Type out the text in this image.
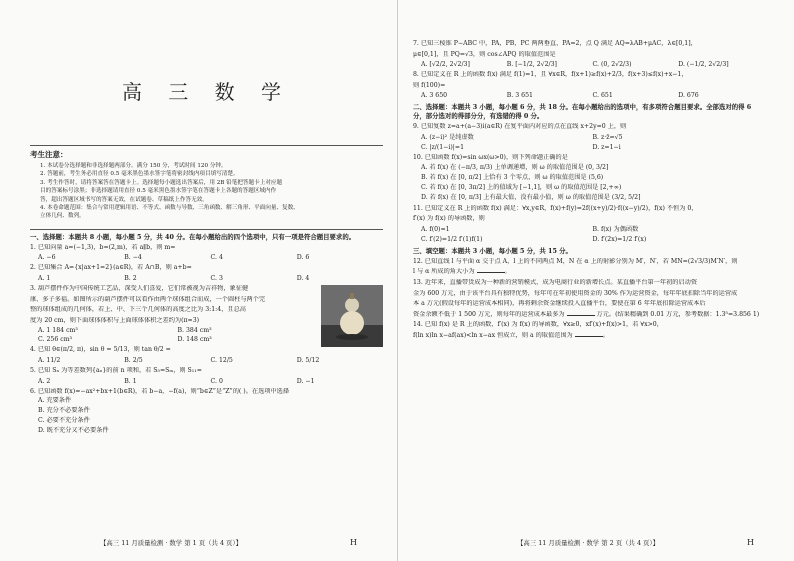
高 三 数 学
考生注意：
1. 本试卷分选择题和非选择题两部分。满分 150 分，考试时间 120 分钟。
2. 答题前，考生务必用直径 0.5 毫米黑色墨水签字笔将密封线内项目填写清楚。
3. 考生作答时，请将答案答在答题卡上。选择题每小题选出答案后，用 2B 铅笔把答题卡上对应题
目的答案标号涂黑；非选择题请用直径 0.5 毫米黑色墨水签字笔在答题卡上各题的答题区域内作
答，超出答题区域书写的答案无效，在试题卷、草稿纸上作答无效。
4. 本卷命题范围：集合与常用逻辑用语、不等式、函数与导数、三角函数、解三角形、平面向量、复数、
立体几何、数列。
一、选择题：本题共 8 小题，每小题 5 分，共 40 分。在每小题给出的四个选项中，只有一项是符合题目要求的。
1. 已知向量 a=(−1,3)，b=(2,m)，若 a∥b，则 m=
A. −6	B. −4	C. 4	D. 6
2. 已知集合 A={x|ax+1=2}(a∈R)，若 A∩B，则 a+b=
A. 1	B. 2	C. 3	D. 4
3. 葫芦摆件作为中国传统工艺品，深受人们喜爱，它们常被视为吉祥物，象征健
康、多子多福。如图所示的葫芦摆件可以看作由两个球体组合而成，一个圆柱与两个完
整的球体组成的几何体，若上、中、下三个几何体的高度之比为 3:1:4，且总高
度为 20 cm，则下面球体体积与上面球体体积之差约为(π≈3)
A. 1 184 cm³	B. 384 cm³
C. 256 cm³	D. 148 cm³
4. 已知 θ∈(π/2, π)，sin θ = 5/13，则 tan θ/2 =
A. 11/2	B. 2/5	C. 12/5	D. 5/12
5. 已知 Sₙ 为等差数列{aₙ}的前 n 项和，若 S₅=Sₘ，则 S₁₁=
A. 2	B. 1	C. 0	D. −1
6. 已知函数 f(x)=−ax²+bx+1(b∈R)，若 b−a，−f(a)，则“b∈Z”是“Z”的( )。在选项中选择
A. 充要条件
B. 充分不必要条件
C. 必要不充分条件
D. 既不充分又不必要条件
【高三 11 月质量检测 · 数学 第 1 页（共 4 页）】	H
7. 已知三棱锥 P−ABC 中，PA，PB，PC 两两垂直，PA=2，点 Q 满足 AQ=λAB+μAC，λ∈[0,1]，
μ∈[0,1]，且 PQ=√3，则 cos∠APQ 的取值范围是
A. [√2/2, 2√2/3]	B. [−1/2, 2√2/3]	C. (0, 2√2/3)	D. (−1/2, 2√2/3]
8. 已知定义在 R 上的函数 f(x) 满足 f(1)=1，且 ∀x∈R，f(x+1)≥f(x)+2/3，f(x+3)≤f(x)+x−1，
则 f(100)=
A. 3 650	B. 3 651	C. 651	D. 676
二、选择题：本题共 3 小题，每小题 6 分，共 18 分。在每小题给出的选项中，有多项符合题目要求。全部选对的得 6 分，部分选对的得部分分，有选错的得 0 分。
9. 已知复数 z=a+(a−3)i(a∈R) 在复平面内对应的点在直线 x+2y=0 上，则
A. (z−i)² 是纯虚数	B. z·z̄=√5
C. |z/(1−i)|=1	D. z=1−i
10. 已知函数 f(x)=sin ωx(ω>0)，则下列命题正确的是
A. 若 f(x) 在 (−π/3, π/3) 上单调递增，则 ω 的取值范围是 (0, 3/2]
B. 若 f(x) 在 [0, π/2] 上恰有 3 个零点，则 ω 的取值范围是 (5,6)
C. 若 f(x) 在 [0, 3π/2] 上的值域为 [−1,1]，则 ω 的取值范围是 [2,+∞)
D. 若 f(x) 在 [0, π/3] 上有最大值，没有最小值，则 ω 的取值范围是 (3/2, 5/2]
11. 已知定义在 R 上的函数 f(x) 满足：∀x,y∈R，f(x)+f(y)=2f((x+y)/2)·f((x−y)/2)，f(x) 不恒为 0，
f′(x) 为 f(x) 的导函数，则
A. f(0)=1	B. f(x) 为偶函数
C. f′(2)=1/2 f′(1)f(1)	D. f′(2x)=1/2 f′(x)
三、填空题：本题共 3 小题，每小题 5 分，共 15 分。
12. 已知直线 l 与平面 α 交于点 A，l 上的不同两点 M，N 在 α 上的射影分别为 M′，N′，若 MN=(2√3/3)M′N′，则
l 与 α 所成的角大小为	。
13. 近年来，直播带货成为一种新的营销模式，成为电商行业的新增长点。某直播平台第一年初的启动资
金为 600 万元，由于该平台具有独特优势，每年可在年初使用资金的 30% 作为运营资金，每年年底扣除当年的运营成
本 a 万元(假设每年的运营成本相同)，再将剩余资金继续投入直播平台，要使在第 6 年年底扣除运营成本后
资金余额不低于 1 500 万元，则每年的运营成本最多为	万元。(结果精确到 0.01 万元，参考数据：1.3⁵=3.856 1)
14. 已知 f(x) 是 R 上的函数，f′(x) 为 f(x) 的导函数，∀x≥0，xf′(x)+f(x)>1，若 ∀x>0，
f(ln x)ln x−af(ax)<ln x−ax 恒成立，则 a 的取值范围为	。
【高三 11 月质量检测 · 数学 第 2 页（共 4 页）】	H
